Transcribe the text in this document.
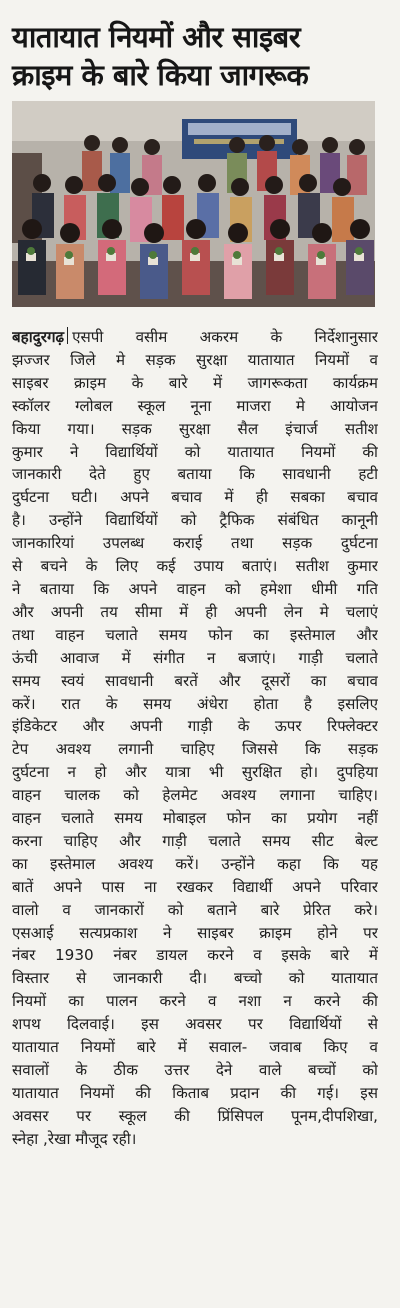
यातायात नियमों और साइबर
क्राइम के बारे किया जागरूक
बहादुरगढ़ एसपी वसीम अकरम के निर्देशानुसार
झज्जर जिले मे सड़क सुरक्षा यातायात नियमों व
साइबर क्राइम के बारे में जागरूकता कार्यक्रम
स्कॉलर ग्लोबल स्कूल नूना माजरा मे आयोजन
किया गया। सड़क सुरक्षा सैल इंचार्ज सतीश
कुमार ने विद्यार्थियों को यातायात नियमों की
जानकारी देते हुए बताया कि सावधानी हटी
दुर्घटना घटी। अपने बचाव में ही सबका बचाव
है। उन्होंने विद्यार्थियों को ट्रैफिक संबंधित कानूनी
जानकारियां उपलब्ध कराई तथा सड़क दुर्घटना
से बचने के लिए कई उपाय बताएं। सतीश कुमार
ने बताया कि अपने वाहन को हमेशा धीमी गति
और अपनी तय सीमा में ही अपनी लेन मे चलाएं
तथा वाहन चलाते समय फोन का इस्तेमाल और
ऊंची आवाज में संगीत न बजाएं। गाड़ी चलाते
समय स्वयं सावधानी बरतें और दूसरों का बचाव
करें। रात के समय अंधेरा होता है इसलिए
इंडिकेटर और अपनी गाड़ी के ऊपर रिफ्लेक्टर
टेप अवश्य लगानी चाहिए जिससे कि सड़क
दुर्घटना न हो और यात्रा भी सुरक्षित हो। दुपहिया
वाहन चालक को हेलमेट अवश्य लगाना चाहिए।
वाहन चलाते समय मोबाइल फोन का प्रयोग नहीं
करना चाहिए और गाड़ी चलाते समय सीट बेल्ट
का इस्तेमाल अवश्य करें। उन्होंने कहा कि यह
बातें अपने पास ना रखकर विद्यार्थी अपने परिवार
वालो व जानकारों को बताने बारे प्रेरित करे।
एसआई सत्यप्रकाश ने साइबर क्राइम होने पर
नंबर 1930 नंबर डायल करने व इसके बारे में
विस्तार से जानकारी दी। बच्चो को यातायात
नियमों का पालन करने व नशा न करने की
शपथ दिलवाई। इस अवसर पर विद्यार्थियों से
यातायात नियमों बारे में सवाल- जवाब किए व
सवालों के ठीक उत्तर देने वाले बच्चों को
यातायात नियमों की किताब प्रदान की गई। इस
अवसर पर स्कूल की प्रिंसिपल पूनम,दीपशिखा,
स्नेहा ,रेखा मौजूद रही।
